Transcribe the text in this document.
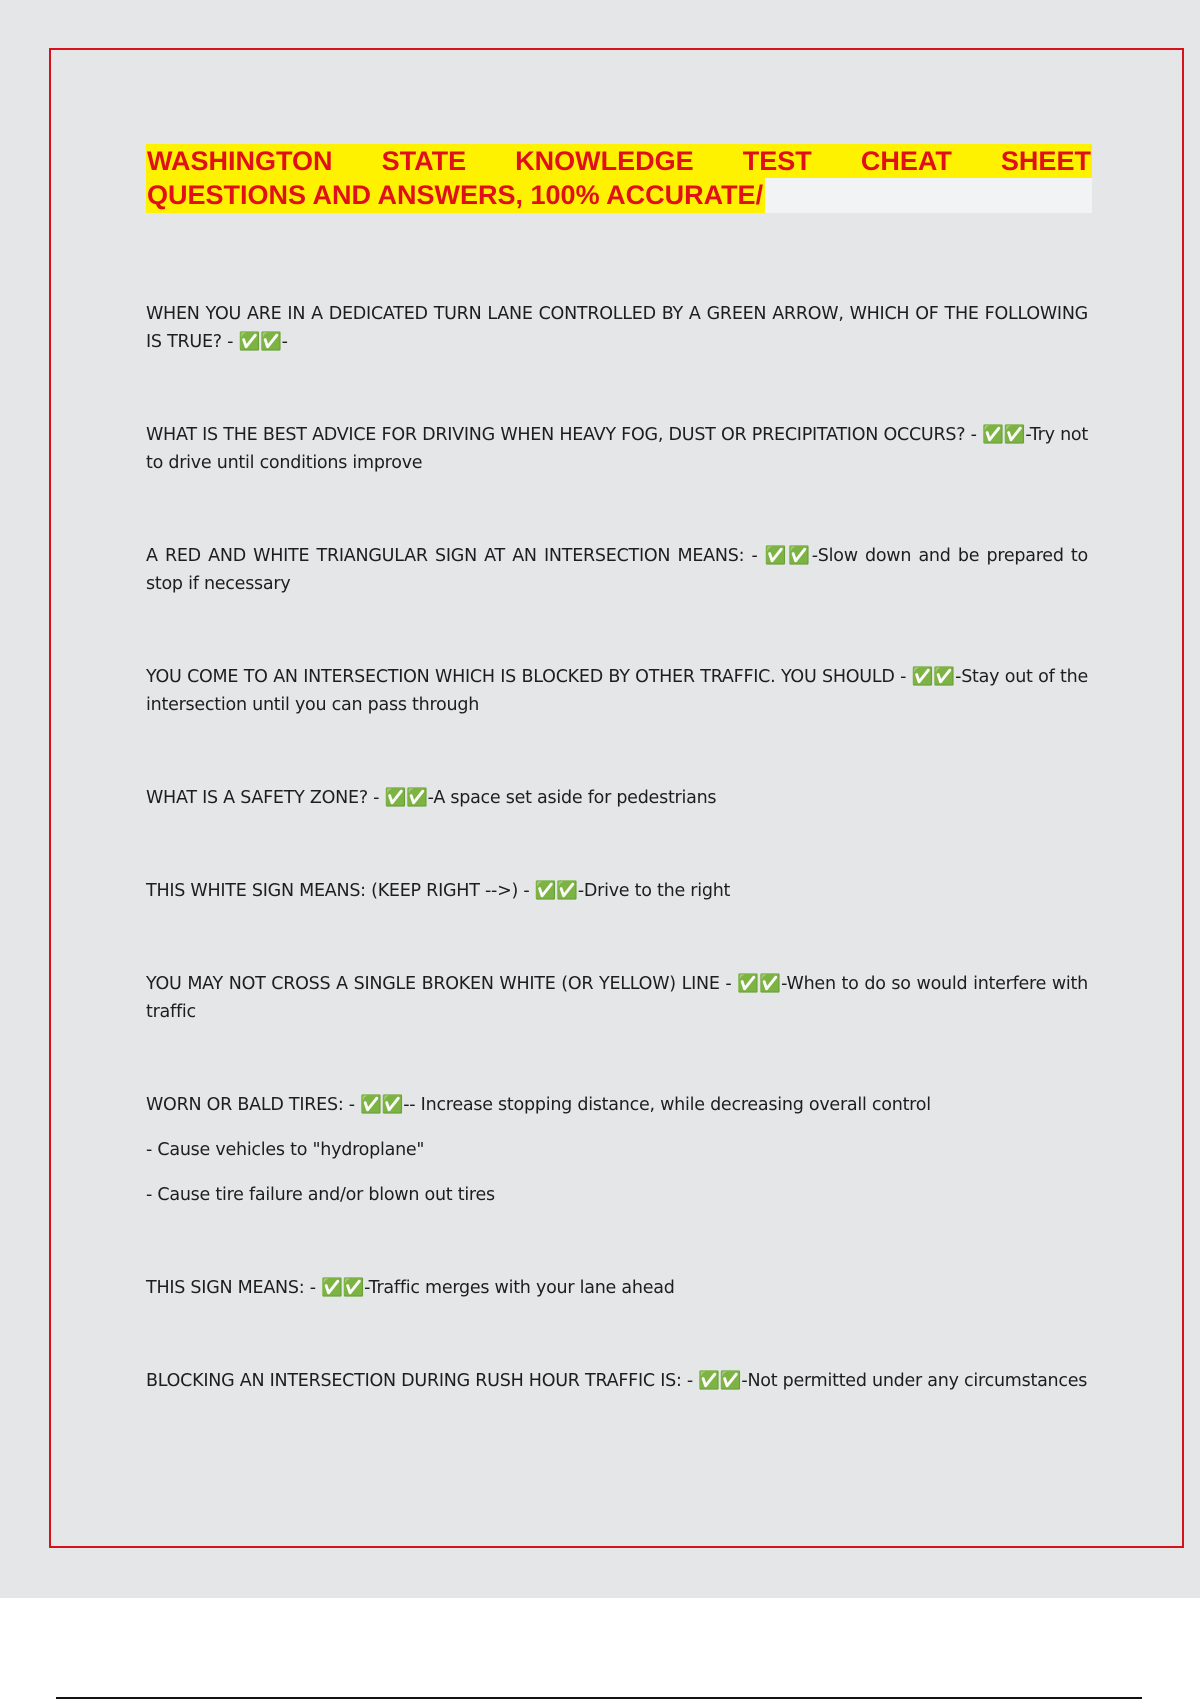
WASHINGTON STATE KNOWLEDGE TEST CHEAT SHEET
QUESTIONS AND ANSWERS, 100% ACCURATE/

WHEN YOU ARE IN A DEDICATED TURN LANE CONTROLLED BY A GREEN ARROW, WHICH OF THE FOLLOWING IS TRUE? - ✅✅-

WHAT IS THE BEST ADVICE FOR DRIVING WHEN HEAVY FOG, DUST OR PRECIPITATION OCCURS? - ✅✅-Try not to drive until conditions improve

A RED AND WHITE TRIANGULAR SIGN AT AN INTERSECTION MEANS: - ✅✅-Slow down and be prepared to stop if necessary

YOU COME TO AN INTERSECTION WHICH IS BLOCKED BY OTHER TRAFFIC. YOU SHOULD - ✅✅-Stay out of the intersection until you can pass through

WHAT IS A SAFETY ZONE? - ✅✅-A space set aside for pedestrians

THIS WHITE SIGN MEANS: (KEEP RIGHT -->) - ✅✅-Drive to the right

YOU MAY NOT CROSS A SINGLE BROKEN WHITE (OR YELLOW) LINE - ✅✅-When to do so would interfere with traffic

WORN OR BALD TIRES: - ✅✅-- Increase stopping distance, while decreasing overall control

- Cause vehicles to "hydroplane"

- Cause tire failure and/or blown out tires

THIS SIGN MEANS: - ✅✅-Traffic merges with your lane ahead

BLOCKING AN INTERSECTION DURING RUSH HOUR TRAFFIC IS: - ✅✅-Not permitted under any circumstances
